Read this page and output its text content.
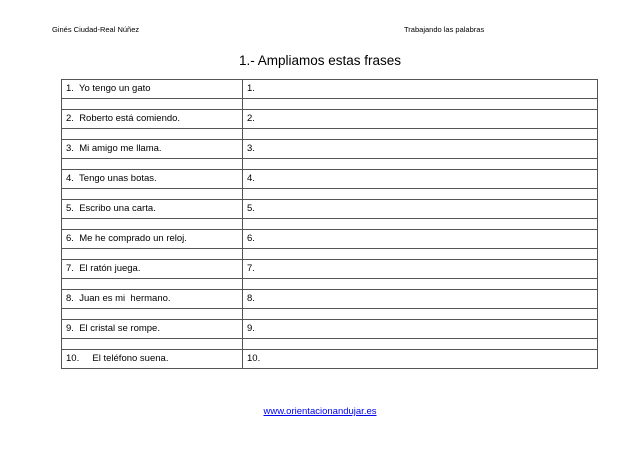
Ginés Ciudad-Real Núñez	Trabajando las palabras
1.- Ampliamos estas frases
1.  Yo tengo un gato	1.

2.  Roberto está comiendo.	2.

3.  Mi amigo me llama.	3.

4.  Tengo unas botas.	4.

5.  Escribo una carta.	5.

6.  Me he comprado un reloj.	6.

7.  El ratón juega.	7.

8.  Juan es mi  hermano.	8.

9.  El cristal se rompe.	9.

10.     El teléfono suena.	10.
www.orientacionandujar.es
